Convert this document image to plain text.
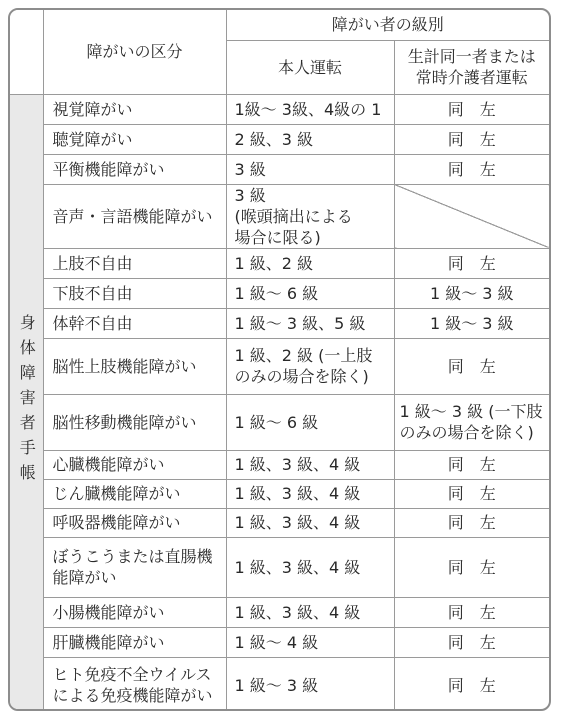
	障がいの区分	障がい者の級別	
		本人運転	生計同一者または
常時介護者運転
身体障害者手帳	視覚障がい	1級〜 3級、4級の 1	同　左
	聴覚障がい	2 級、3 級	同　左
	平衡機能障がい	3 級	同　左
	音声・言語機能障がい	3 級 (喉頭摘出による
場合に限る)	
	上肢不自由	1 級、2 級	同　左
	下肢不自由	1 級〜 6 級	1 級〜 3 級
	体幹不自由	1 級〜 3 級、5 級	1 級〜 3 級
	脳性上肢機能障がい	1 級、2 級 (一上肢
のみの場合を除く)	同　左
	脳性移動機能障がい	1 級〜 6 級	1 級〜 3 級 (一下肢
のみの場合を除く)
	心臓機能障がい	1 級、3 級、4 級	同　左
	じん臓機能障がい	1 級、3 級、4 級	同　左
	呼吸器機能障がい	1 級、3 級、4 級	同　左
	ぼうこうまたは直腸機
能障がい	1 級、3 級、4 級	同　左
	小腸機能障がい	1 級、3 級、4 級	同　左
	肝臓機能障がい	1 級〜 4 級	同　左
	ヒト免疫不全ウイルス
による免疫機能障がい	1 級〜 3 級	同　左
